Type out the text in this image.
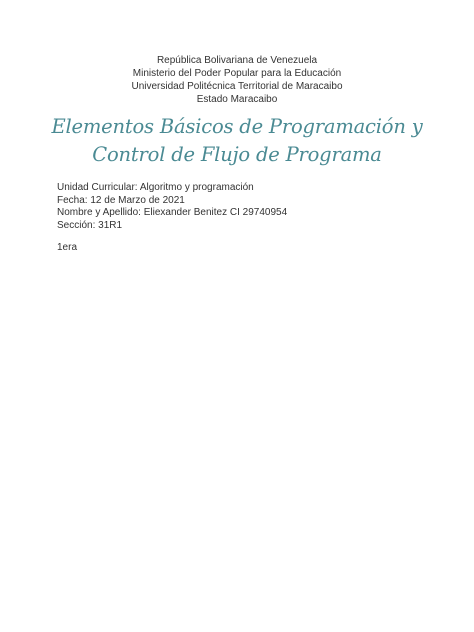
República Bolivariana de Venezuela
Ministerio del Poder Popular para la Educación
Universidad Politécnica Territorial de Maracaibo
Estado Maracaibo
Elementos Básicos de Programación y
Control de Flujo de Programa
Unidad Curricular: Algoritmo y programación
Fecha: 12 de Marzo de 2021
Nombre y Apellido: Eliexander Benitez CI 29740954
Sección: 31R1
1era
